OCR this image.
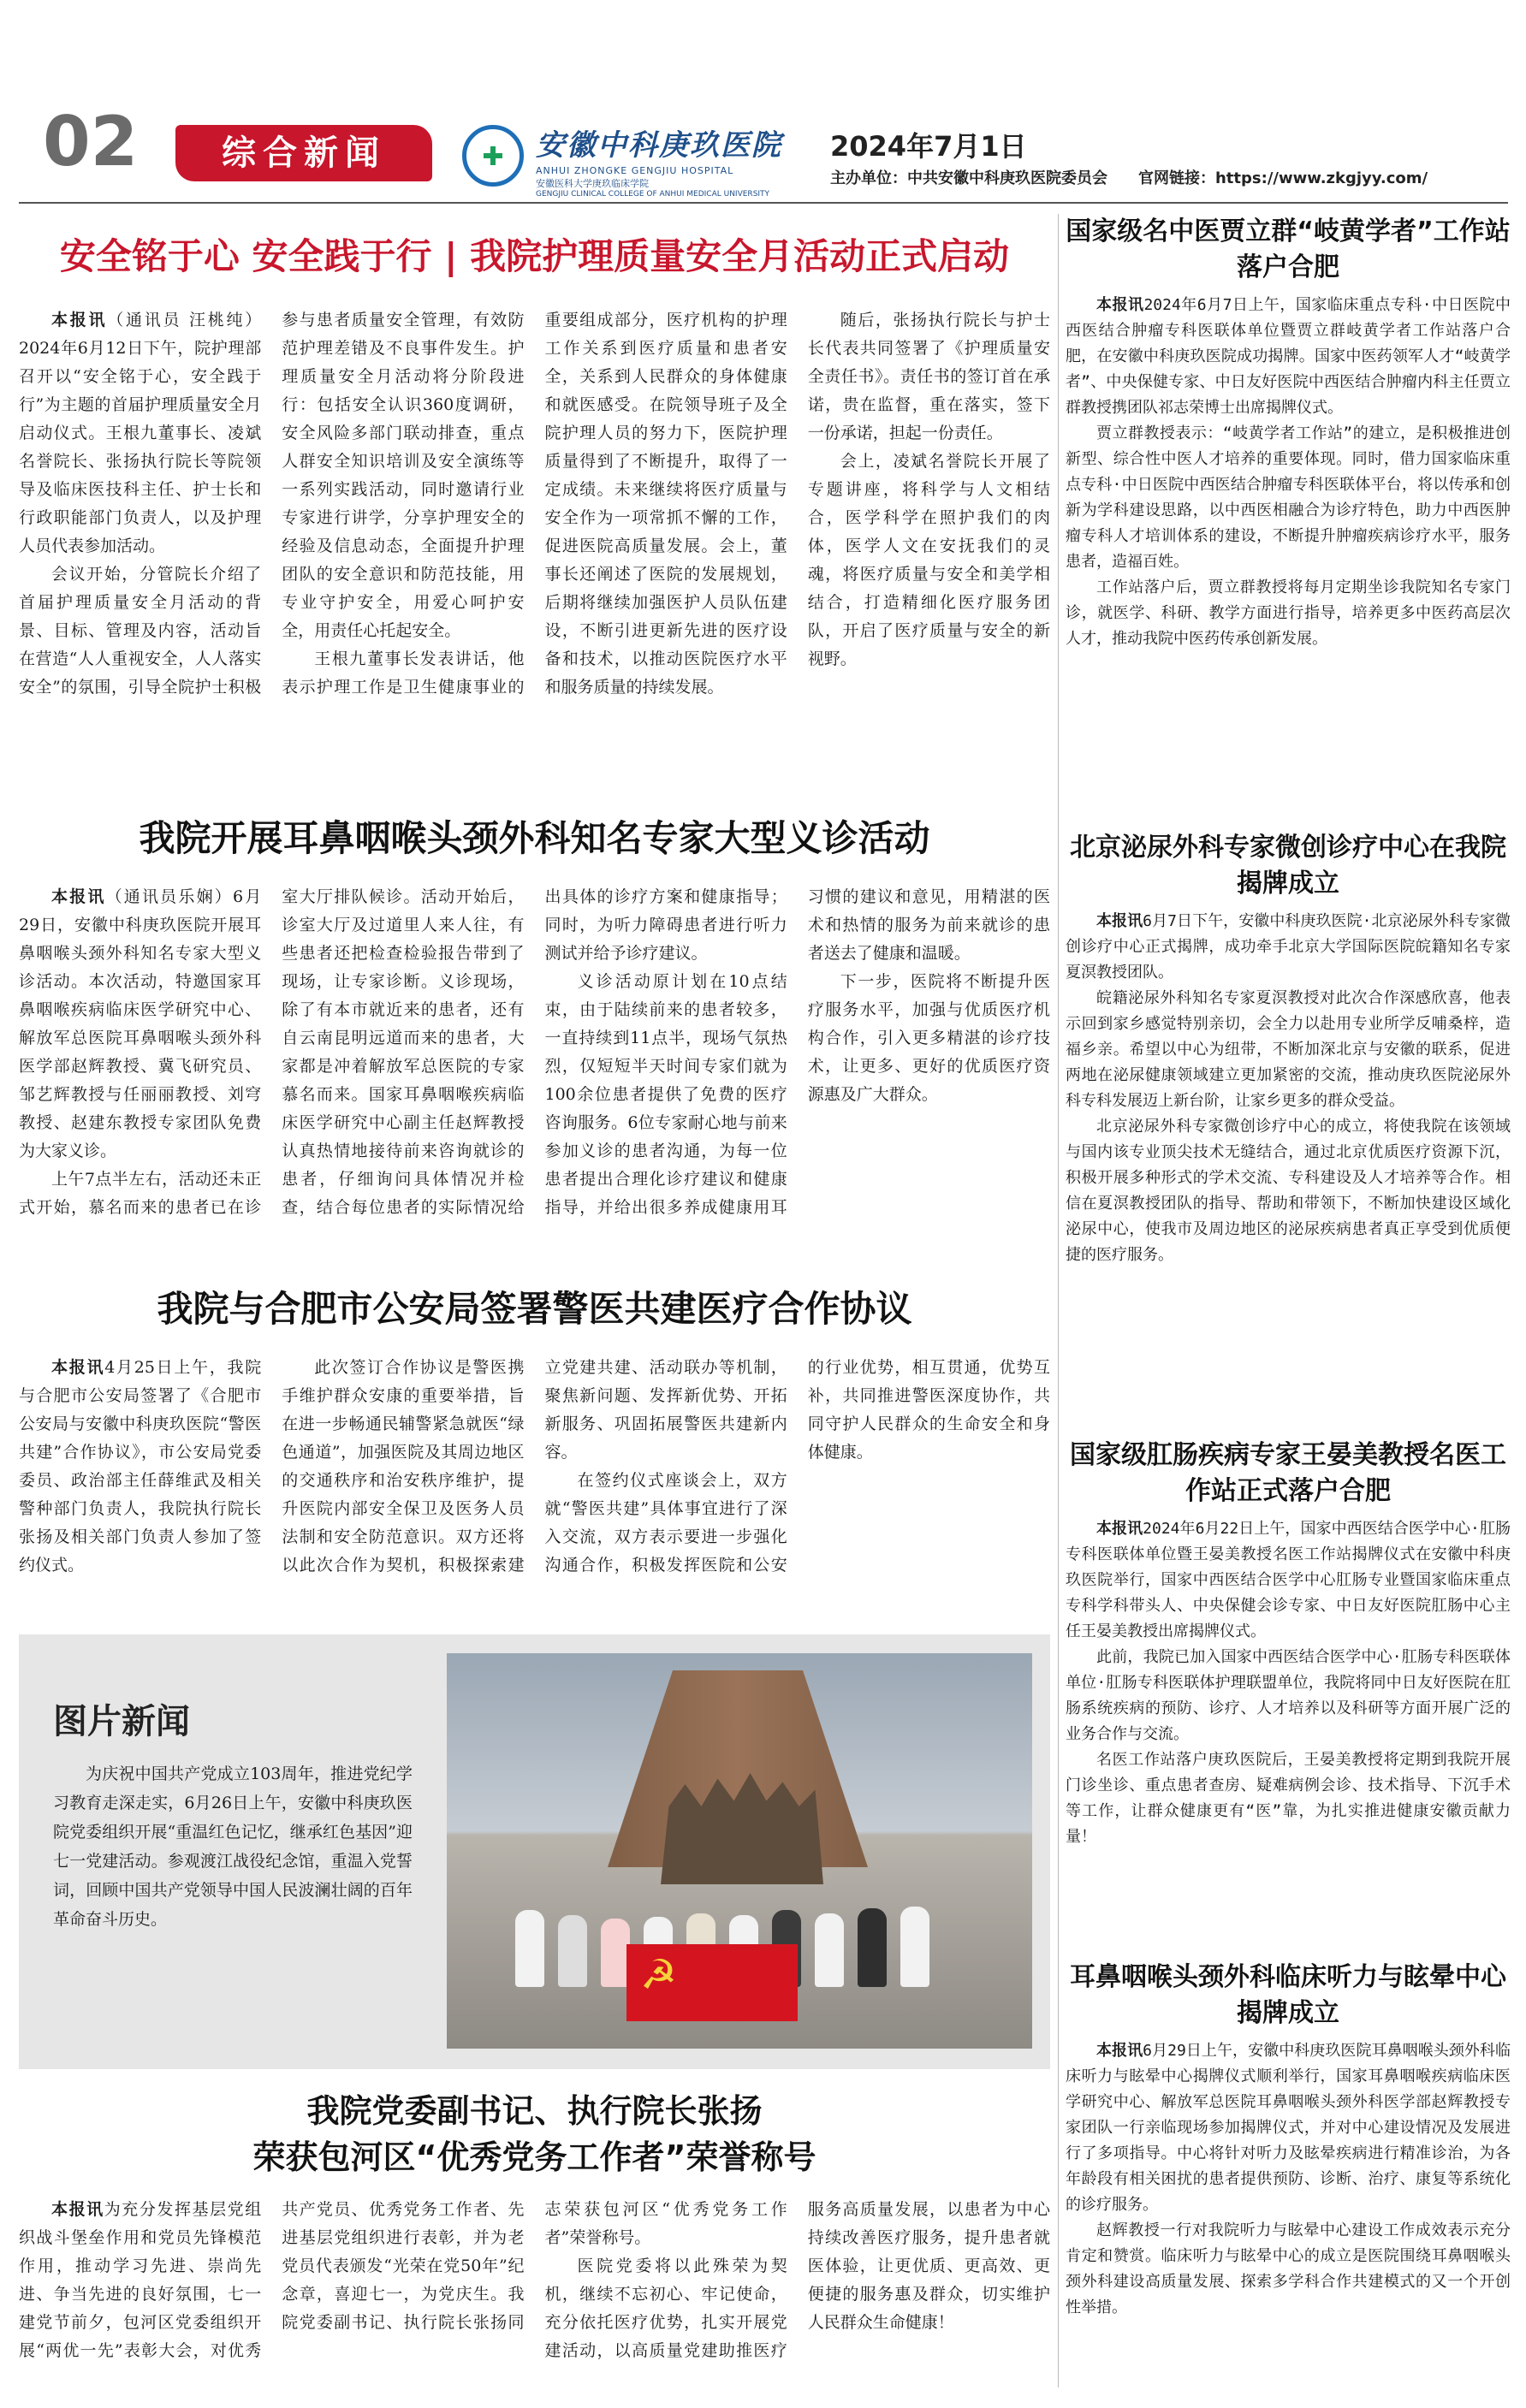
02	综合新闻	安徽中科庚玖医院
ANHUI ZHONGKE GENGJIU HOSPITAL
安徽医科大学庚玖临床学院
GENGJIU CLINICAL COLLEGE OF ANHUI MEDICAL UNIVERSITY
2024年7月1日
主办单位：中共安徽中科庚玖医院委员会　　官网链接：https://www.zkgjyy.com/
安全铭于心 安全践于行 | 我院护理质量安全月活动正式启动

本报讯（通讯员 汪桃纯）2024年6月12日下午，院护理部召开以“安全铭于心，安全践于行”为主题的首届护理质量安全月启动仪式。王根九董事长、凌斌名誉院长、张扬执行院长等院领导及临床医技科主任、护士长和行政职能部门负责人，以及护理人员代表参加活动。

会议开始，分管院长介绍了首届护理质量安全月活动的背景、目标、管理及内容，活动旨在营造“人人重视安全，人人落实安全”的氛围，引导全院护士积极参与患者质量安全管理，有效防范护理差错及不良事件发生。护理质量安全月活动将分阶段进行：包括安全认识360度调研，安全风险多部门联动排查，重点人群安全知识培训及安全演练等一系列实践活动，同时邀请行业专家进行讲学，分享护理安全的经验及信息动态，全面提升护理团队的安全意识和防范技能，用专业守护安全，用爱心呵护安全，用责任心托起安全。

王根九董事长发表讲话，他表示护理工作是卫生健康事业的重要组成部分，医疗机构的护理工作关系到医疗质量和患者安全，关系到人民群众的身体健康和就医感受。在院领导班子及全院护理人员的努力下，医院护理质量得到了不断提升，取得了一定成绩。未来继续将医疗质量与安全作为一项常抓不懈的工作，促进医院高质量发展。会上，董事长还阐述了医院的发展规划，后期将继续加强医护人员队伍建设，不断引进更新先进的医疗设备和技术，以推动医院医疗水平和服务质量的持续发展。

随后，张扬执行院长与护士长代表共同签署了《护理质量安全责任书》。责任书的签订首在承诺，贵在监督，重在落实，签下一份承诺，担起一份责任。

会上，凌斌名誉院长开展了专题讲座，将科学与人文相结合，医学科学在照护我们的肉体，医学人文在安抚我们的灵魂，将医疗质量与安全和美学相结合，打造精细化医疗服务团队，开启了医疗质量与安全的新视野。

我院开展耳鼻咽喉头颈外科知名专家大型义诊活动

本报讯（通讯员乐娴）6月29日，安徽中科庚玖医院开展耳鼻咽喉头颈外科知名专家大型义诊活动。本次活动，特邀国家耳鼻咽喉疾病临床医学研究中心、解放军总医院耳鼻咽喉头颈外科医学部赵辉教授、冀飞研究员、邹艺辉教授与任丽丽教授、刘穹教授、赵建东教授专家团队免费为大家义诊。

上午7点半左右，活动还未正式开始，慕名而来的患者已在诊室大厅排队候诊。活动开始后，诊室大厅及过道里人来人往，有些患者还把检查检验报告带到了现场，让专家诊断。义诊现场，除了有本市就近来的患者，还有自云南昆明远道而来的患者，大家都是冲着解放军总医院的专家慕名而来。国家耳鼻咽喉疾病临床医学研究中心副主任赵辉教授认真热情地接待前来咨询就诊的患者，仔细询问具体情况并检查，结合每位患者的实际情况给出具体的诊疗方案和健康指导；同时，为听力障碍患者进行听力测试并给予诊疗建议。

义诊活动原计划在10点结束，由于陆续前来的患者较多，一直持续到11点半，现场气氛热烈，仅短短半天时间专家们就为100余位患者提供了免费的医疗咨询服务。6位专家耐心地与前来参加义诊的患者沟通，为每一位患者提出合理化诊疗建议和健康指导，并给出很多养成健康用耳习惯的建议和意见，用精湛的医术和热情的服务为前来就诊的患者送去了健康和温暖。

下一步，医院将不断提升医疗服务水平，加强与优质医疗机构合作，引入更多精湛的诊疗技术，让更多、更好的优质医疗资源惠及广大群众。

我院与合肥市公安局签署警医共建医疗合作协议

本报讯4月25日上午，我院与合肥市公安局签署了《合肥市公安局与安徽中科庚玖医院“警医共建”合作协议》，市公安局党委委员、政治部主任薛维武及相关警种部门负责人，我院执行院长张扬及相关部门负责人参加了签约仪式。

此次签订合作协议是警医携手维护群众安康的重要举措，旨在进一步畅通民辅警紧急就医“绿色通道”，加强医院及其周边地区的交通秩序和治安秩序维护，提升医院内部安全保卫及医务人员法制和安全防范意识。双方还将以此次合作为契机，积极探索建立党建共建、活动联办等机制，聚焦新问题、发挥新优势、开拓新服务、巩固拓展警医共建新内容。

在签约仪式座谈会上，双方就“警医共建”具体事宜进行了深入交流，双方表示要进一步强化沟通合作，积极发挥医院和公安的行业优势，相互贯通，优势互补，共同推进警医深度协作，共同守护人民群众的生命安全和身体健康。

图片新闻
为庆祝中国共产党成立103周年，推进党纪学习教育走深走实，6月26日上午，安徽中科庚玖医院党委组织开展“重温红色记忆，继承红色基因”迎七一党建活动。参观渡江战役纪念馆，重温入党誓词，回顾中国共产党领导中国人民波澜壮阔的百年革命奋斗历史。
☭
我院党委副书记、执行院长张扬
荣获包河区“优秀党务工作者”荣誉称号

本报讯为充分发挥基层党组织战斗堡垒作用和党员先锋模范作用，推动学习先进、崇尚先进、争当先进的良好氛围，七一建党节前夕，包河区党委组织开展“两优一先”表彰大会，对优秀共产党员、优秀党务工作者、先进基层党组织进行表彰，并为老党员代表颁发“光荣在党50年”纪念章，喜迎七一，为党庆生。我院党委副书记、执行院长张扬同志荣获包河区“优秀党务工作者”荣誉称号。

医院党委将以此殊荣为契机，继续不忘初心、牢记使命，充分依托医疗优势，扎实开展党建活动，以高质量党建助推医疗服务高质量发展，以患者为中心持续改善医疗服务，提升患者就医体验，让更优质、更高效、更便捷的服务惠及群众，切实维护人民群众生命健康！

国家级名中医贾立群“岐黄学者”工作站落户合肥

本报讯2024年6月7日上午，国家临床重点专科·中日医院中西医结合肿瘤专科医联体单位暨贾立群岐黄学者工作站落户合肥，在安徽中科庚玖医院成功揭牌。国家中医药领军人才“岐黄学者”、中央保健专家、中日友好医院中西医结合肿瘤内科主任贾立群教授携团队祁志荣博士出席揭牌仪式。

贾立群教授表示：“岐黄学者工作站”的建立，是积极推进创新型、综合性中医人才培养的重要体现。同时，借力国家临床重点专科·中日医院中西医结合肿瘤专科医联体平台，将以传承和创新为学科建设思路，以中西医相融合为诊疗特色，助力中西医肿瘤专科人才培训体系的建设，不断提升肿瘤疾病诊疗水平，服务患者，造福百姓。

工作站落户后，贾立群教授将每月定期坐诊我院知名专家门诊，就医学、科研、教学方面进行指导，培养更多中医药高层次人才，推动我院中医药传承创新发展。

北京泌尿外科专家微创诊疗中心在我院揭牌成立

本报讯6月7日下午，安徽中科庚玖医院·北京泌尿外科专家微创诊疗中心正式揭牌，成功牵手北京大学国际医院皖籍知名专家夏溟教授团队。

皖籍泌尿外科知名专家夏溟教授对此次合作深感欣喜，他表示回到家乡感觉特别亲切，会全力以赴用专业所学反哺桑梓，造福乡亲。希望以中心为纽带，不断加深北京与安徽的联系，促进两地在泌尿健康领域建立更加紧密的交流，推动庚玖医院泌尿外科专科发展迈上新台阶，让家乡更多的群众受益。

北京泌尿外科专家微创诊疗中心的成立，将使我院在该领域与国内该专业顶尖技术无缝结合，通过北京优质医疗资源下沉，积极开展多种形式的学术交流、专科建设及人才培养等合作。相信在夏溟教授团队的指导、帮助和带领下，不断加快建设区域化泌尿中心，使我市及周边地区的泌尿疾病患者真正享受到优质便捷的医疗服务。

国家级肛肠疾病专家王晏美教授名医工作站正式落户合肥

本报讯2024年6月22日上午，国家中西医结合医学中心·肛肠专科医联体单位暨王晏美教授名医工作站揭牌仪式在安徽中科庚玖医院举行，国家中西医结合医学中心肛肠专业暨国家临床重点专科学科带头人、中央保健会诊专家、中日友好医院肛肠中心主任王晏美教授出席揭牌仪式。

此前，我院已加入国家中西医结合医学中心·肛肠专科医联体单位·肛肠专科医联体护理联盟单位，我院将同中日友好医院在肛肠系统疾病的预防、诊疗、人才培养以及科研等方面开展广泛的业务合作与交流。

名医工作站落户庚玖医院后，王晏美教授将定期到我院开展门诊坐诊、重点患者查房、疑难病例会诊、技术指导、下沉手术等工作，让群众健康更有“医”靠，为扎实推进健康安徽贡献力量！

耳鼻咽喉头颈外科临床听力与眩晕中心揭牌成立

本报讯6月29日上午，安徽中科庚玖医院耳鼻咽喉头颈外科临床听力与眩晕中心揭牌仪式顺利举行，国家耳鼻咽喉疾病临床医学研究中心、解放军总医院耳鼻咽喉头颈外科医学部赵辉教授专家团队一行亲临现场参加揭牌仪式，并对中心建设情况及发展进行了多项指导。中心将针对听力及眩晕疾病进行精准诊治，为各年龄段有相关困扰的患者提供预防、诊断、治疗、康复等系统化的诊疗服务。

赵辉教授一行对我院听力与眩晕中心建设工作成效表示充分肯定和赞赏。临床听力与眩晕中心的成立是医院围绕耳鼻咽喉头颈外科建设高质量发展、探索多学科合作共建模式的又一个开创性举措。
